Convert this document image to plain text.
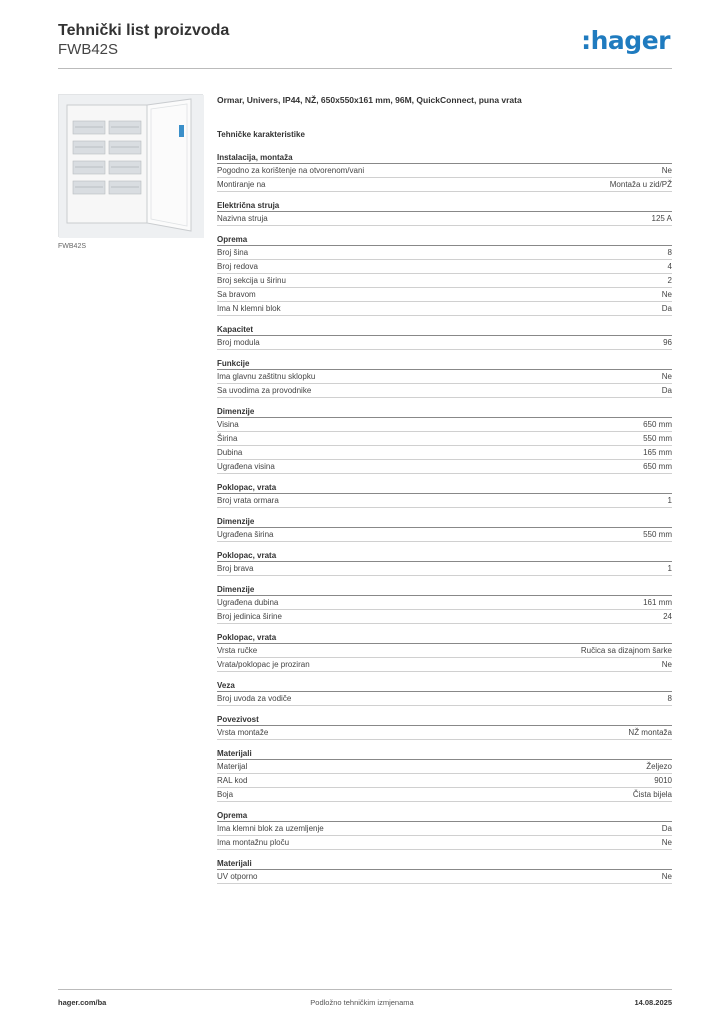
Tehnički list proizvoda
FWB42S	:hager
FWB42S
Ormar, Univers, IP44, NŽ, 650x550x161 mm, 96M, QuickConnect, puna vrata
Tehničke karakteristike
Instalacija, montaža
Pogodno za korištenje na otvorenom/vani	Ne
Montiranje na	Montaža u zid/PŽ
Električna struja
Nazivna struja	125 A
Oprema
Broj šina	8
Broj redova	4
Broj sekcija u širinu	2
Sa bravom	Ne
Ima N klemni blok	Da
Kapacitet
Broj modula	96
Funkcije
Ima glavnu zaštitnu sklopku	Ne
Sa uvodima za provodnike	Da
Dimenzije
Visina	650 mm
Širina	550 mm
Dubina	165 mm
Ugrađena visina	650 mm
Poklopac, vrata
Broj vrata ormara	1
Dimenzije
Ugrađena širina	550 mm
Poklopac, vrata
Broj brava	1
Dimenzije
Ugrađena dubina	161 mm
Broj jedinica širine	24
Poklopac, vrata
Vrsta ručke	Ručica sa dizajnom šarke
Vrata/poklopac je proziran	Ne
Veza
Broj uvoda za vodiče	8
Povezivost
Vrsta montaže	NŽ montaža
Materijali
Materijal	Željezo
RAL kod	9010
Boja	Čista bijela
Oprema
Ima klemni blok za uzemljenje	Da
Ima montažnu ploču	Ne
Materijali
UV otporno	Ne
hager.com/ba	Podložno tehničkim izmjenama	14.08.2025
